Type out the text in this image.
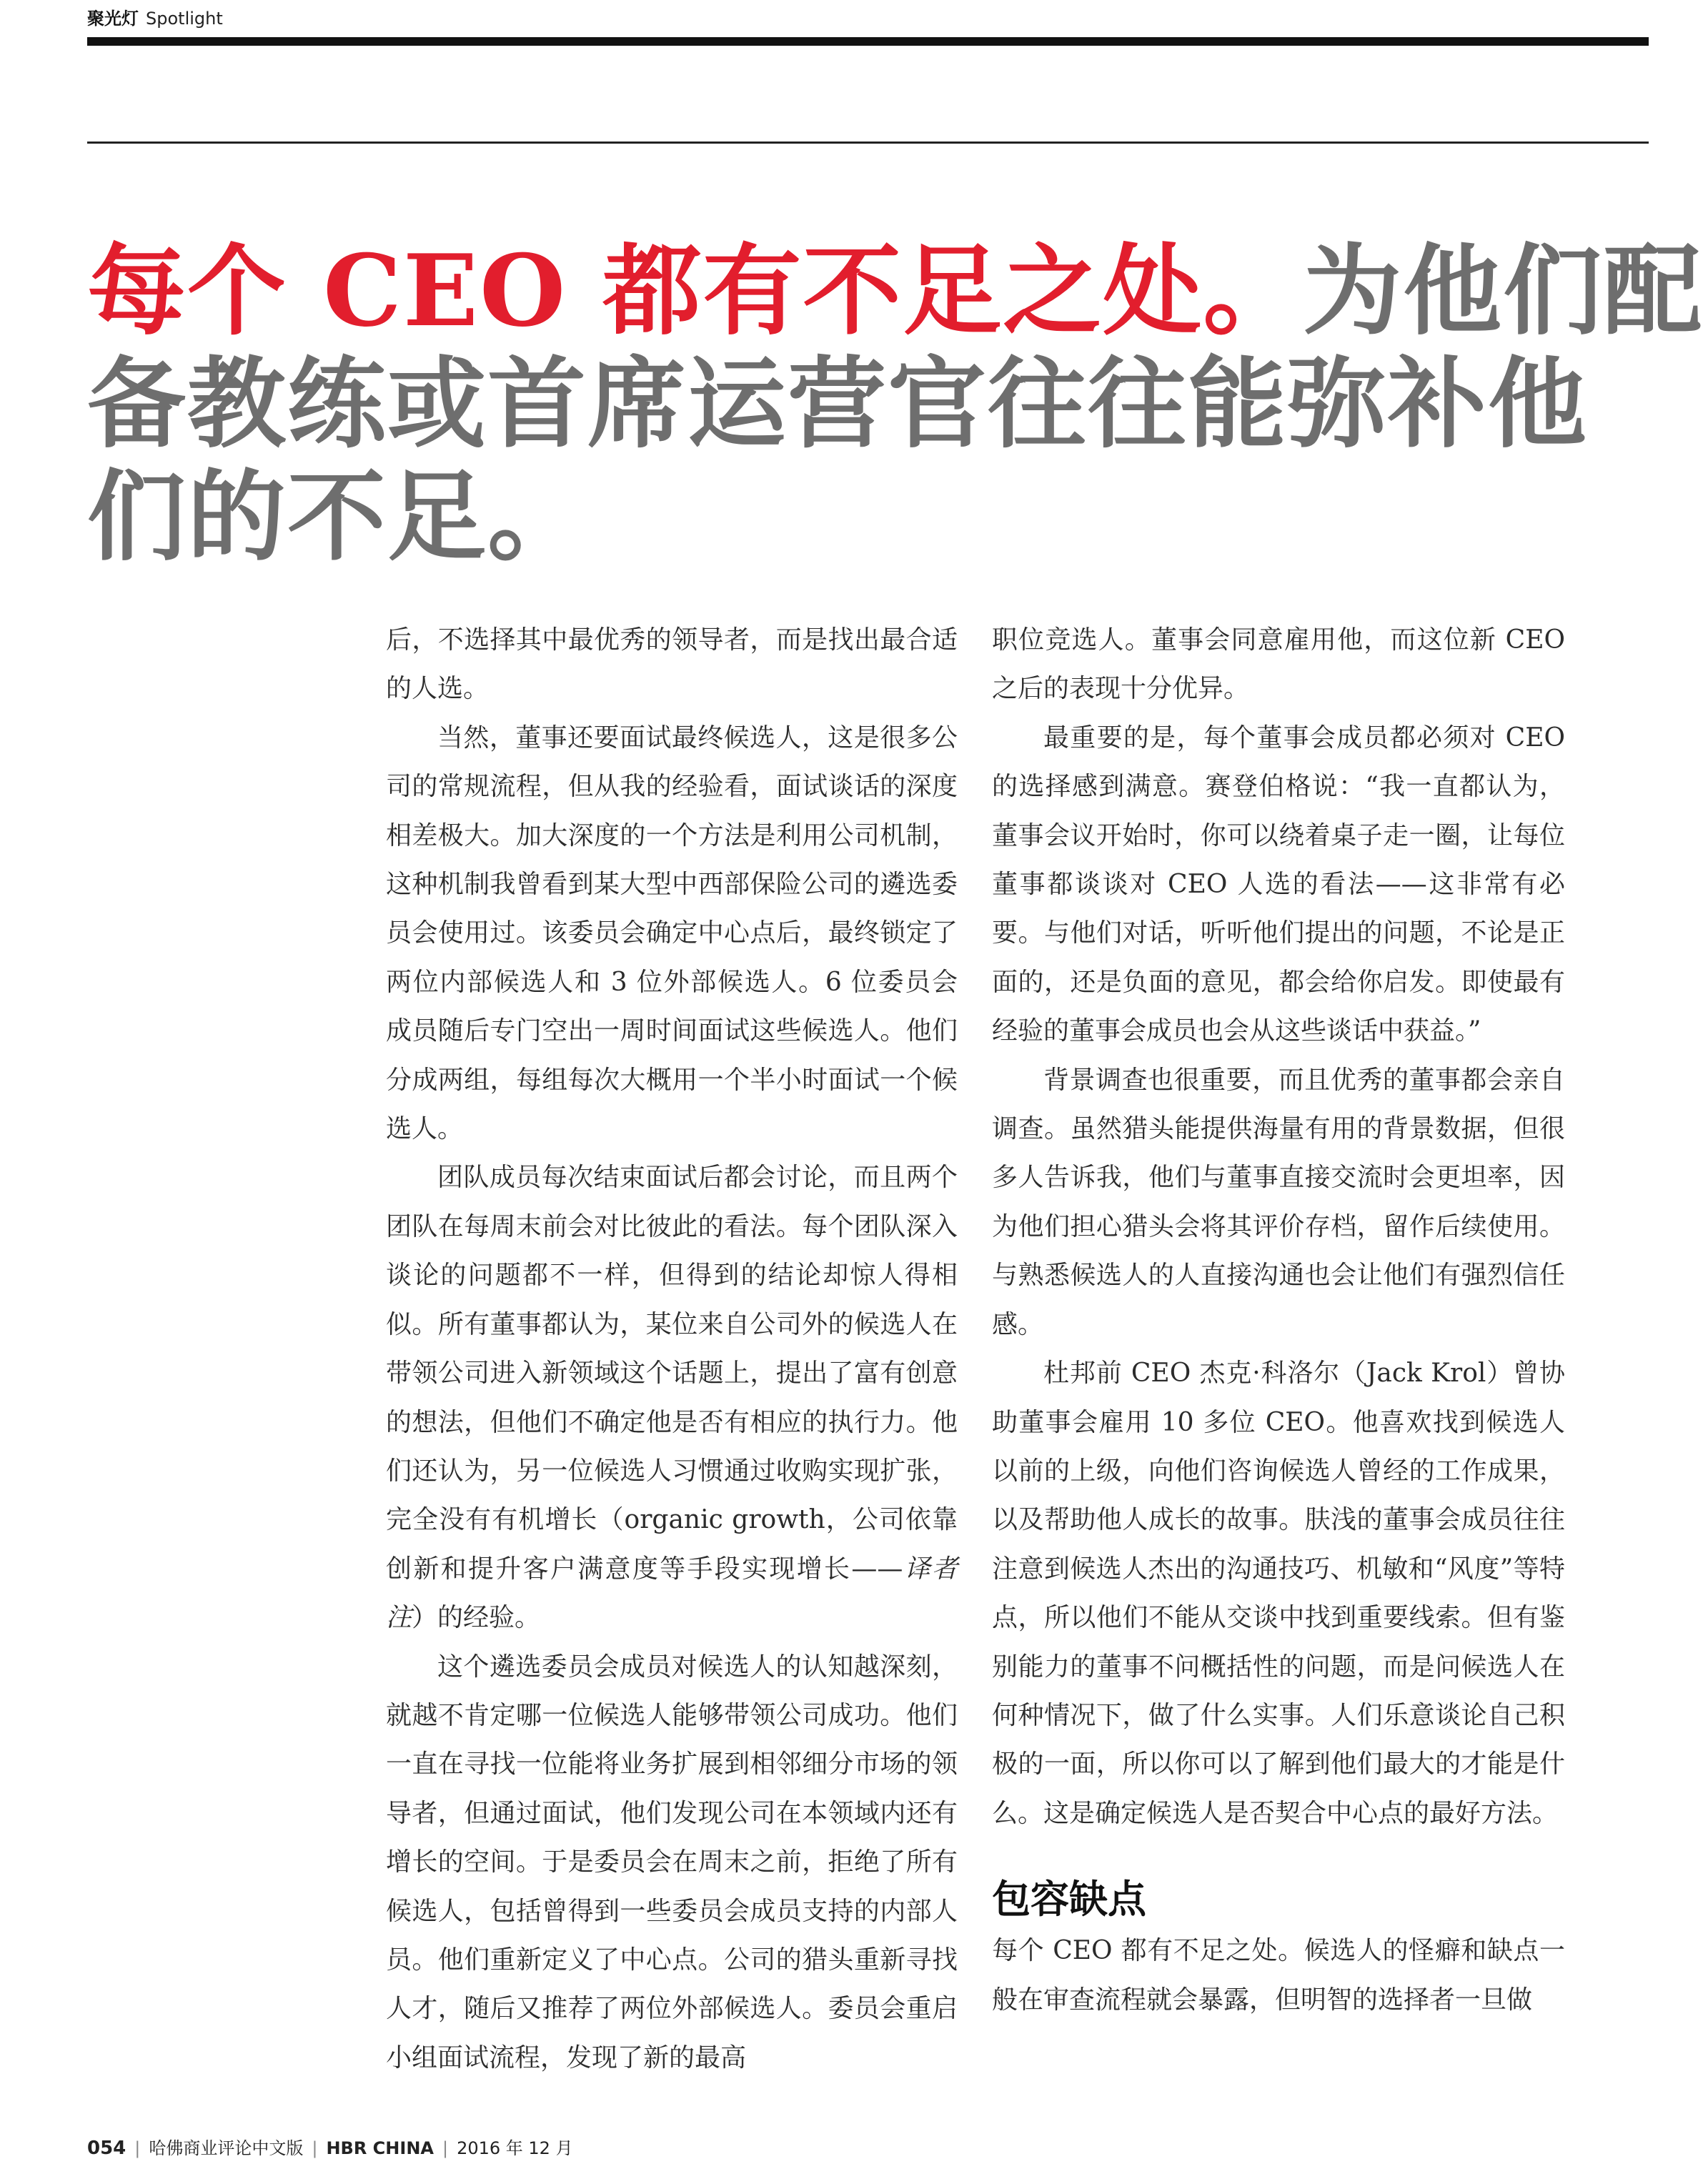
聚光灯 Spotlight
每个 CEO 都有不足之处。为他们配
备教练或首席运营官往往能弥补他
们的不足。

后，不选择其中最优秀的领导者，而是找出最合适的人选。

当然，董事还要面试最终候选人，这是很多公司的常规流程，但从我的经验看，面试谈话的深度相差极大。加大深度的一个方法是利用公司机制，这种机制我曾看到某大型中西部保险公司的遴选委员会使用过。该委员会确定中心点后，最终锁定了两位内部候选人和 3 位外部候选人。6 位委员会成员随后专门空出一周时间面试这些候选人。他们分成两组，每组每次大概用一个半小时面试一个候选人。

团队成员每次结束面试后都会讨论，而且两个团队在每周末前会对比彼此的看法。每个团队深入谈论的问题都不一样，但得到的结论却惊人得相似。所有董事都认为，某位来自公司外的候选人在带领公司进入新领域这个话题上，提出了富有创意的想法，但他们不确定他是否有相应的执行力。他们还认为，另一位候选人习惯通过收购实现扩张，完全没有有机增长（organic growth，公司依靠创新和提升客户满意度等手段实现增长——译者注）的经验。

这个遴选委员会成员对候选人的认知越深刻，就越不肯定哪一位候选人能够带领公司成功。他们一直在寻找一位能将业务扩展到相邻细分市场的领导者，但通过面试，他们发现公司在本领域内还有增长的空间。于是委员会在周末之前，拒绝了所有候选人，包括曾得到一些委员会成员支持的内部人员。他们重新定义了中心点。公司的猎头重新寻找人才，随后又推荐了两位外部候选人。委员会重启小组面试流程，发现了新的最高

职位竞选人。董事会同意雇用他，而这位新 CEO 之后的表现十分优异。

最重要的是，每个董事会成员都必须对 CEO 的选择感到满意。赛登伯格说：“我一直都认为，董事会议开始时，你可以绕着桌子走一圈，让每位董事都谈谈对 CEO 人选的看法——这非常有必要。与他们对话，听听他们提出的问题，不论是正面的，还是负面的意见，都会给你启发。即使最有经验的董事会成员也会从这些谈话中获益。”

背景调查也很重要，而且优秀的董事都会亲自调查。虽然猎头能提供海量有用的背景数据，但很多人告诉我，他们与董事直接交流时会更坦率，因为他们担心猎头会将其评价存档，留作后续使用。与熟悉候选人的人直接沟通也会让他们有强烈信任感。

杜邦前 CEO 杰克·科洛尔（Jack Krol）曾协助董事会雇用 10 多位 CEO。他喜欢找到候选人以前的上级，向他们咨询候选人曾经的工作成果，以及帮助他人成长的故事。肤浅的董事会成员往往注意到候选人杰出的沟通技巧、机敏和“风度”等特点，所以他们不能从交谈中找到重要线索。但有鉴别能力的董事不问概括性的问题，而是问候选人在何种情况下，做了什么实事。人们乐意谈论自己积极的一面，所以你可以了解到他们最大的才能是什么。这是确定候选人是否契合中心点的最好方法。

包容缺点

每个 CEO 都有不足之处。候选人的怪癖和缺点一般在审查流程就会暴露，但明智的选择者一旦做

054 | 哈佛商业评论中文版 | HBR CHINA | 2016 年 12 月
